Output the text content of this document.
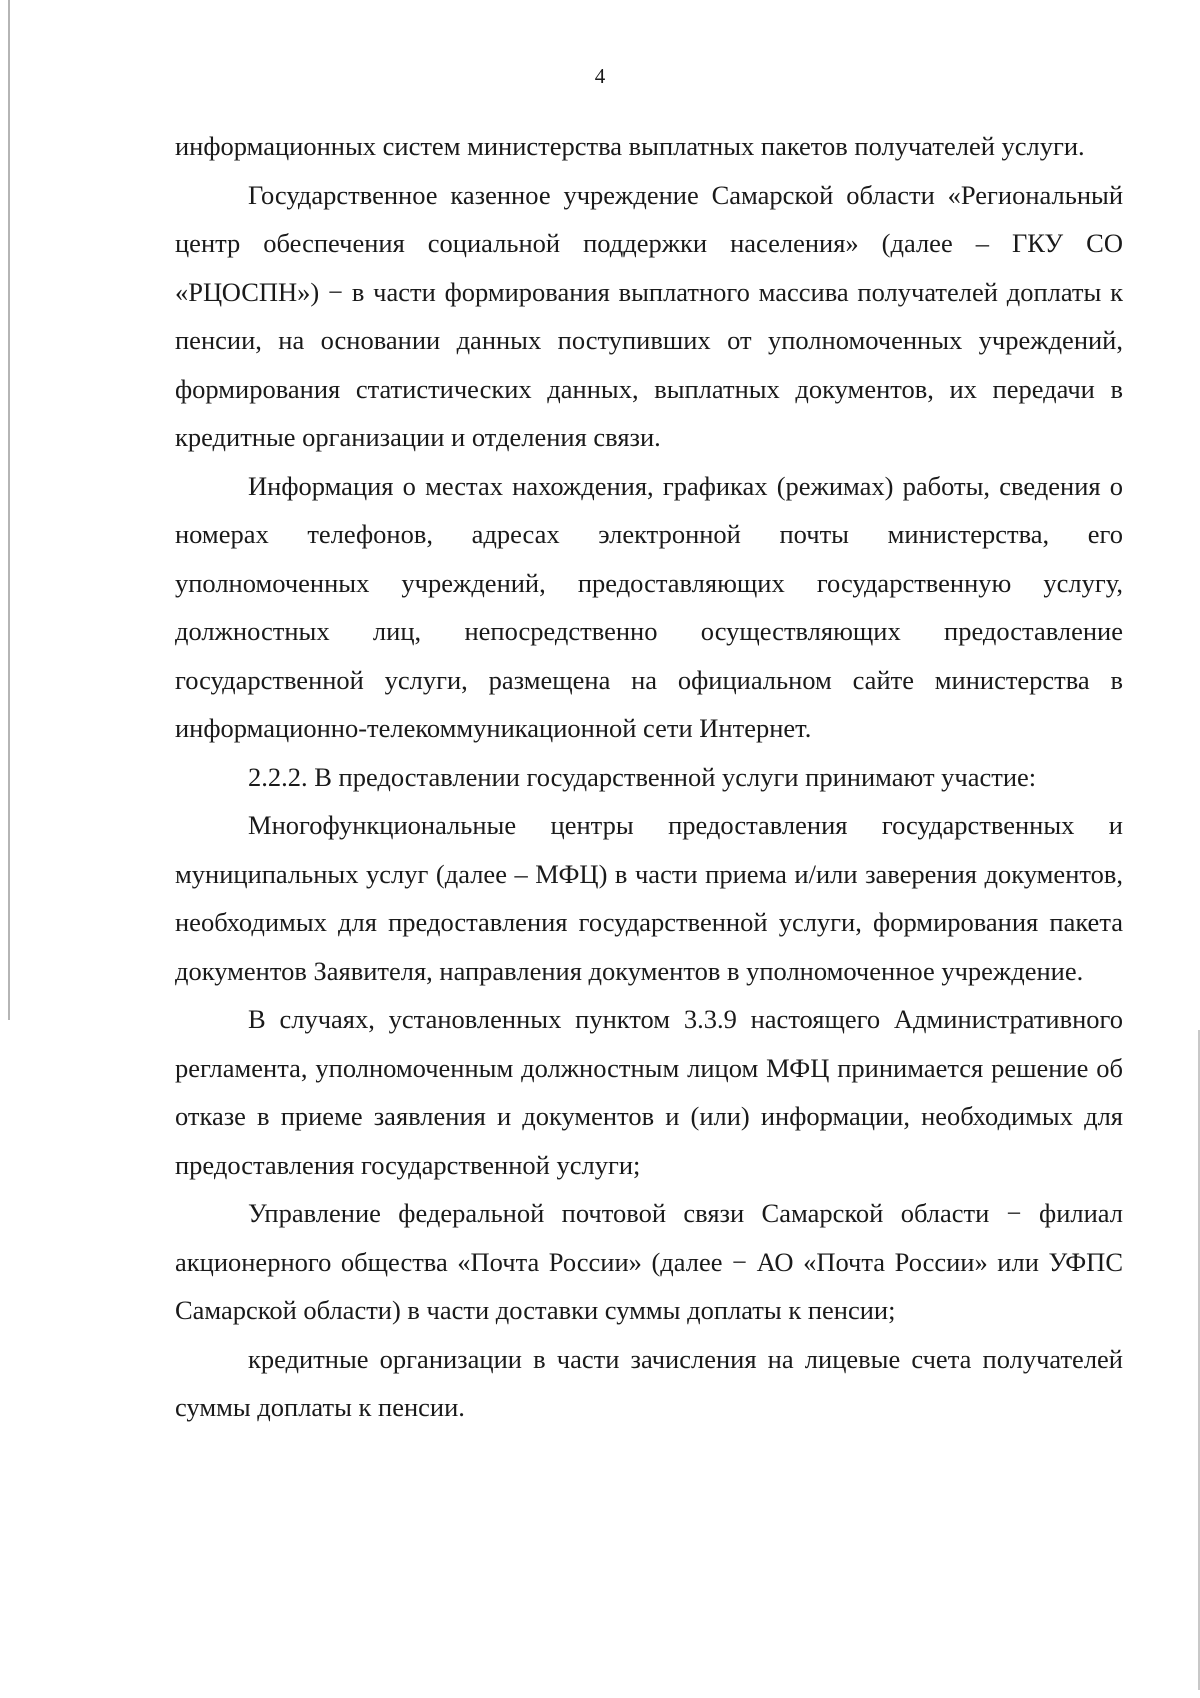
4

информационных систем министерства выплатных пакетов получателей услуги.

Государственное казенное учреждение Самарской области «Региональный центр обеспечения социальной поддержки населения» (далее – ГКУ СО «РЦОСПН») − в части формирования выплатного массива получателей доплаты к пенсии, на основании данных поступивших от уполномоченных учреждений, формирования статистических данных, выплатных документов, их передачи в кредитные организации и отделения связи.

Информация о местах нахождения, графиках (режимах) работы, сведения о номерах телефонов, адресах электронной почты министерства, его уполномоченных учреждений, предоставляющих государственную услугу, должностных лиц, непосредственно осуществляющих предоставление государственной услуги, размещена на официальном сайте министерства в информационно-телекоммуникационной сети Интернет.

2.2.2. В предоставлении государственной услуги принимают участие:

Многофункциональные центры предоставления государственных и муниципальных услуг (далее – МФЦ) в части приема и/или заверения документов, необходимых для предоставления государственной услуги, формирования пакета документов Заявителя, направления документов в уполномоченное учреждение.

В случаях, установленных пунктом 3.3.9 настоящего Административного регламента, уполномоченным должностным лицом МФЦ принимается решение об отказе в приеме заявления и документов и (или) информации, необходимых для предоставления государственной услуги;

Управление федеральной почтовой связи Самарской области − филиал акционерного общества «Почта России» (далее − АО «Почта России» или УФПС Самарской области) в части доставки суммы доплаты к пенсии;

кредитные организации в части зачисления на лицевые счета получателей суммы доплаты к пенсии.
